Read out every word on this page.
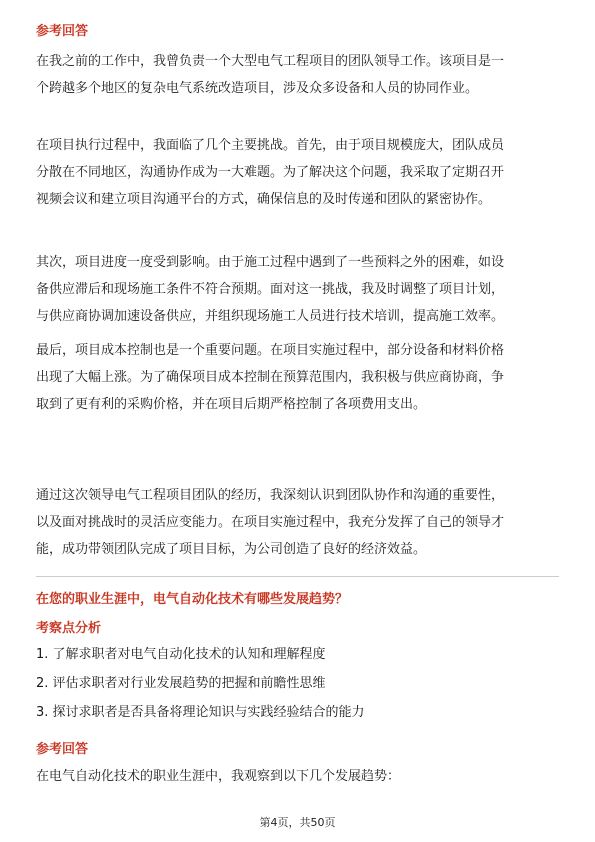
参考回答
在我之前的工作中，我曾负责一个大型电气工程项目的团队领导工作。该项目是一
个跨越多个地区的复杂电气系统改造项目，涉及众多设备和人员的协同作业。
在项目执行过程中，我面临了几个主要挑战。首先，由于项目规模庞大，团队成员
分散在不同地区，沟通协作成为一大难题。为了解决这个问题，我采取了定期召开
视频会议和建立项目沟通平台的方式，确保信息的及时传递和团队的紧密协作。
其次，项目进度一度受到影响。由于施工过程中遇到了一些预料之外的困难，如设
备供应滞后和现场施工条件不符合预期。面对这一挑战，我及时调整了项目计划，
与供应商协调加速设备供应，并组织现场施工人员进行技术培训，提高施工效率。
最后，项目成本控制也是一个重要问题。在项目实施过程中，部分设备和材料价格
出现了大幅上涨。为了确保项目成本控制在预算范围内，我积极与供应商协商，争
取到了更有利的采购价格，并在项目后期严格控制了各项费用支出。
通过这次领导电气工程项目团队的经历，我深刻认识到团队协作和沟通的重要性，
以及面对挑战时的灵活应变能力。在项目实施过程中，我充分发挥了自己的领导才
能，成功带领团队完成了项目目标，为公司创造了良好的经济效益。
在您的职业生涯中，电气自动化技术有哪些发展趋势？
考察点分析
1. 了解求职者对电气自动化技术的认知和理解程度
2. 评估求职者对行业发展趋势的把握和前瞻性思维
3. 探讨求职者是否具备将理论知识与实践经验结合的能力
参考回答
在电气自动化技术的职业生涯中，我观察到以下几个发展趋势：
第4页，共50页
